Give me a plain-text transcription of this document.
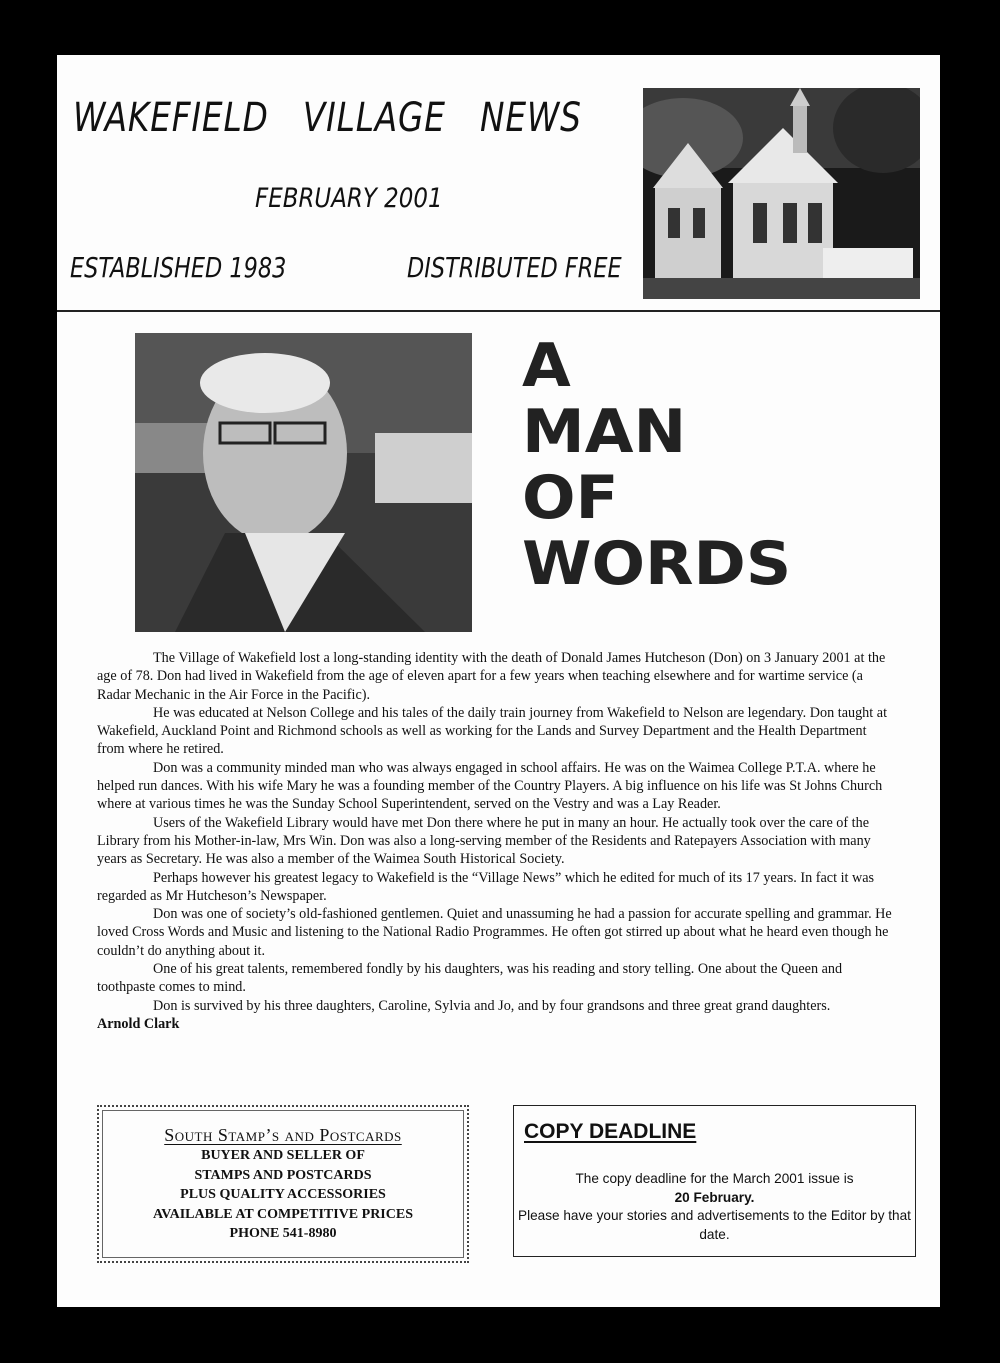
WAKEFIELD VILLAGE NEWS
FEBRUARY 2001
ESTABLISHED 1983	DISTRIBUTED FREE
A
MAN
OF
WORDS

The Village of Wakefield lost a long-standing identity with the death of Donald James Hutcheson (Don) on 3 January 2001 at the age of 78. Don had lived in Wakefield from the age of eleven apart for a few years when teaching elsewhere and for wartime service (a Radar Mechanic in the Air Force in the Pacific).

He was educated at Nelson College and his tales of the daily train journey from Wakefield to Nelson are legendary. Don taught at Wakefield, Auckland Point and Richmond schools as well as working for the Lands and Survey Department and the Health Department from where he retired.

Don was a community minded man who was always engaged in school affairs. He was on the Waimea College P.T.A. where he helped run dances. With his wife Mary he was a founding member of the Country Players. A big influence on his life was St Johns Church where at various times he was the Sunday School Superintendent, served on the Vestry and was a Lay Reader.

Users of the Wakefield Library would have met Don there where he put in many an hour. He actually took over the care of the Library from his Mother-in-law, Mrs Win. Don was also a long-serving member of the Residents and Ratepayers Association with many years as Secretary. He was also a member of the Waimea South Historical Society.

Perhaps however his greatest legacy to Wakefield is the “Village News” which he edited for much of its 17 years. In fact it was regarded as Mr Hutcheson’s Newspaper.

Don was one of society’s old-fashioned gentlemen. Quiet and unassuming he had a passion for accurate spelling and grammar. He loved Cross Words and Music and listening to the National Radio Programmes. He often got stirred up about what he heard even though he couldn’t do anything about it.

One of his great talents, remembered fondly by his daughters, was his reading and story telling. One about the Queen and toothpaste comes to mind.

Don is survived by his three daughters, Caroline, Sylvia and Jo, and by four grandsons and three great grand daughters.

Arnold Clark

South Stamp’s and Postcards
BUYER AND SELLER OF
STAMPS AND POSTCARDS
PLUS QUALITY ACCESSORIES
AVAILABLE AT COMPETITIVE PRICES
PHONE 541-8980
COPY DEADLINE
The copy deadline for the March 2001 issue is
20 February.
Please have your stories and advertisements to the Editor by that date.
